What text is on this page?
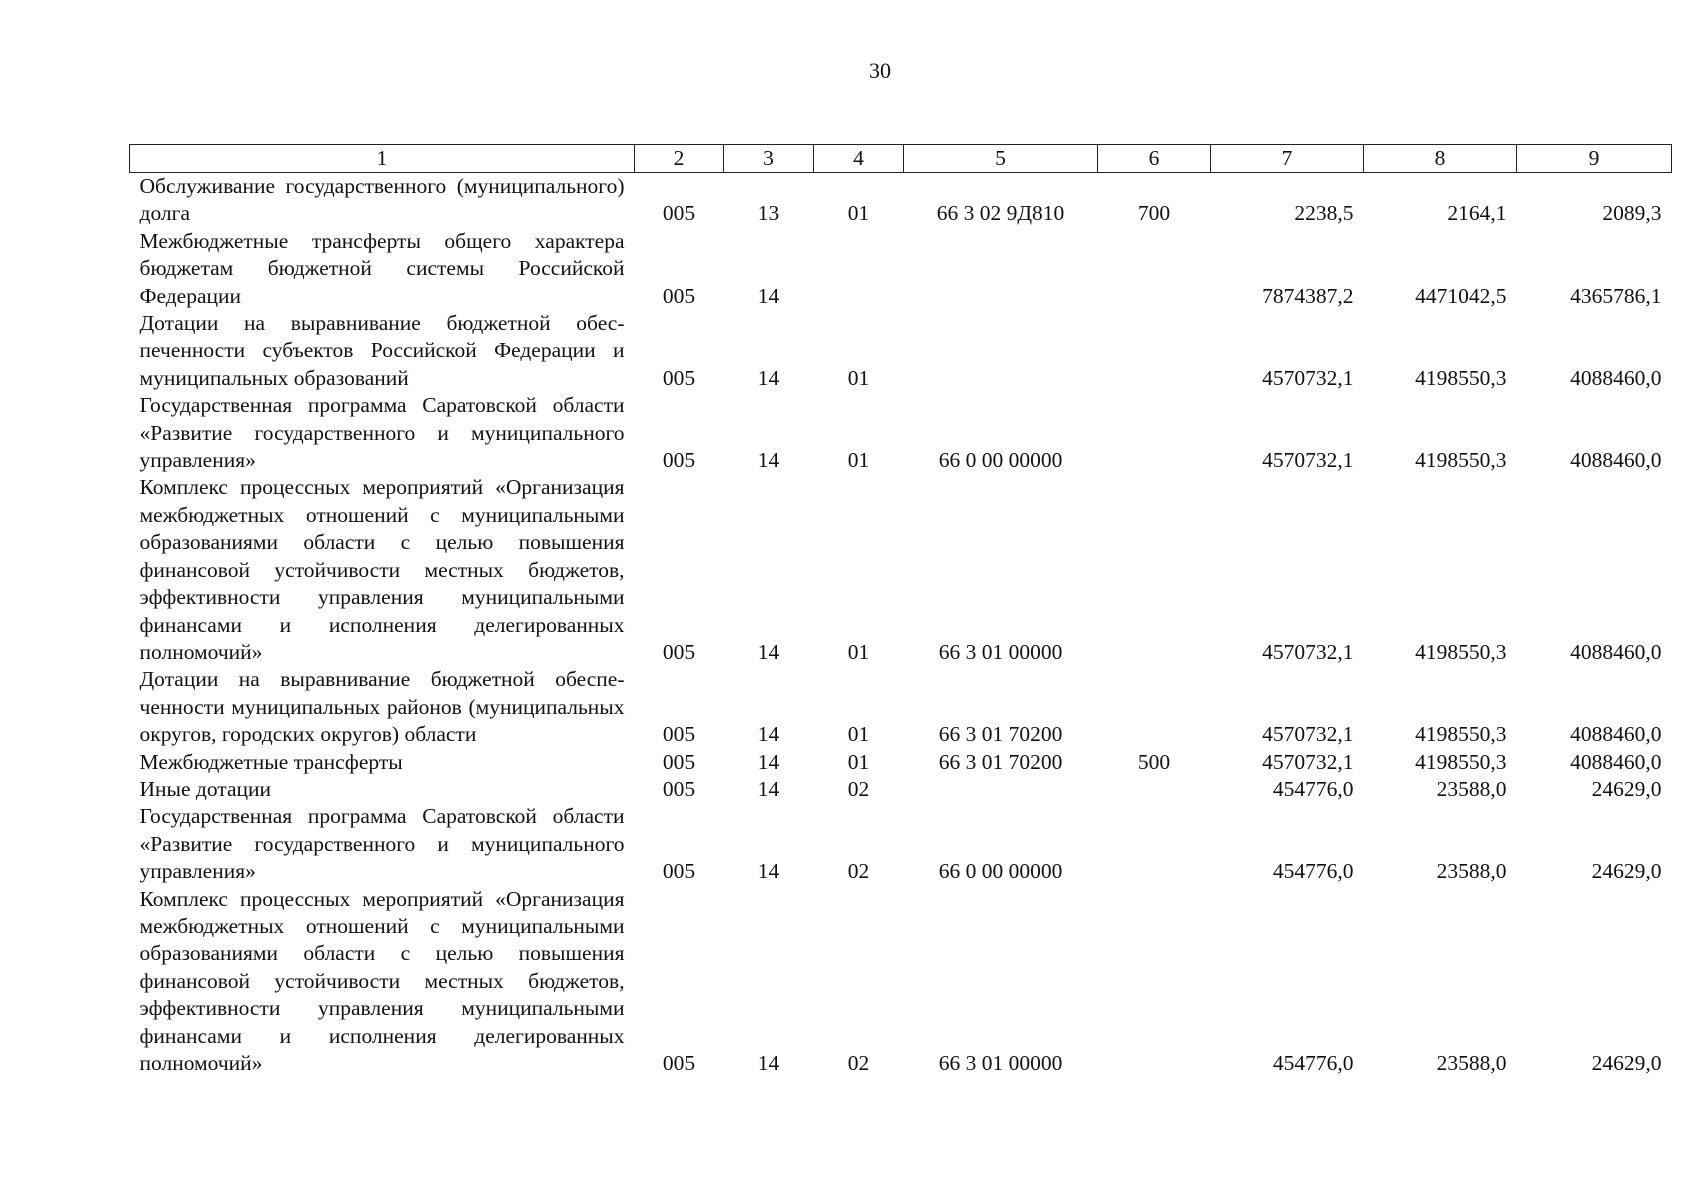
30
1	2	3	4	5	6	7	8	9
Обслуживание государственного (муниципального) долга	005	13	01	66 3 02 9Д810	700	2238,5	2164,1	2089,3
Межбюджетные трансферты общего характера бюджетам бюджетной системы Российской Федерации	005	14				7874387,2	4471042,5	4365786,1
Дотации на выравнивание бюджетной обеспеченности субъектов Российской Федерации и муниципальных образований	005	14	01			4570732,1	4198550,3	4088460,0
Государственная программа Саратовской области «Развитие государственного и муниципального управления»	005	14	01	66 0 00 00000		4570732,1	4198550,3	4088460,0
Комплекс процессных мероприятий «Организация межбюджетных отношений с муниципальными образованиями области с целью повышения финансовой устойчивости местных бюджетов, эффективности управления муниципальными финансами и исполнения делегированных полномочий»	005	14	01	66 3 01 00000		4570732,1	4198550,3	4088460,0
Дотации на выравнивание бюджетной обеспеченности муниципальных районов (муниципальных округов, городских округов) области	005	14	01	66 3 01 70200		4570732,1	4198550,3	4088460,0
Межбюджетные трансферты	005	14	01	66 3 01 70200	500	4570732,1	4198550,3	4088460,0
Иные дотации	005	14	02			454776,0	23588,0	24629,0
Государственная программа Саратовской области «Развитие государственного и муниципального управления»	005	14	02	66 0 00 00000		454776,0	23588,0	24629,0
Комплекс процессных мероприятий «Организация межбюджетных отношений с муниципальными образованиями области с целью повышения финансовой устойчивости местных бюджетов, эффективности управления муниципальными финансами и исполнения делегированных полномочий»	005	14	02	66 3 01 00000		454776,0	23588,0	24629,0
